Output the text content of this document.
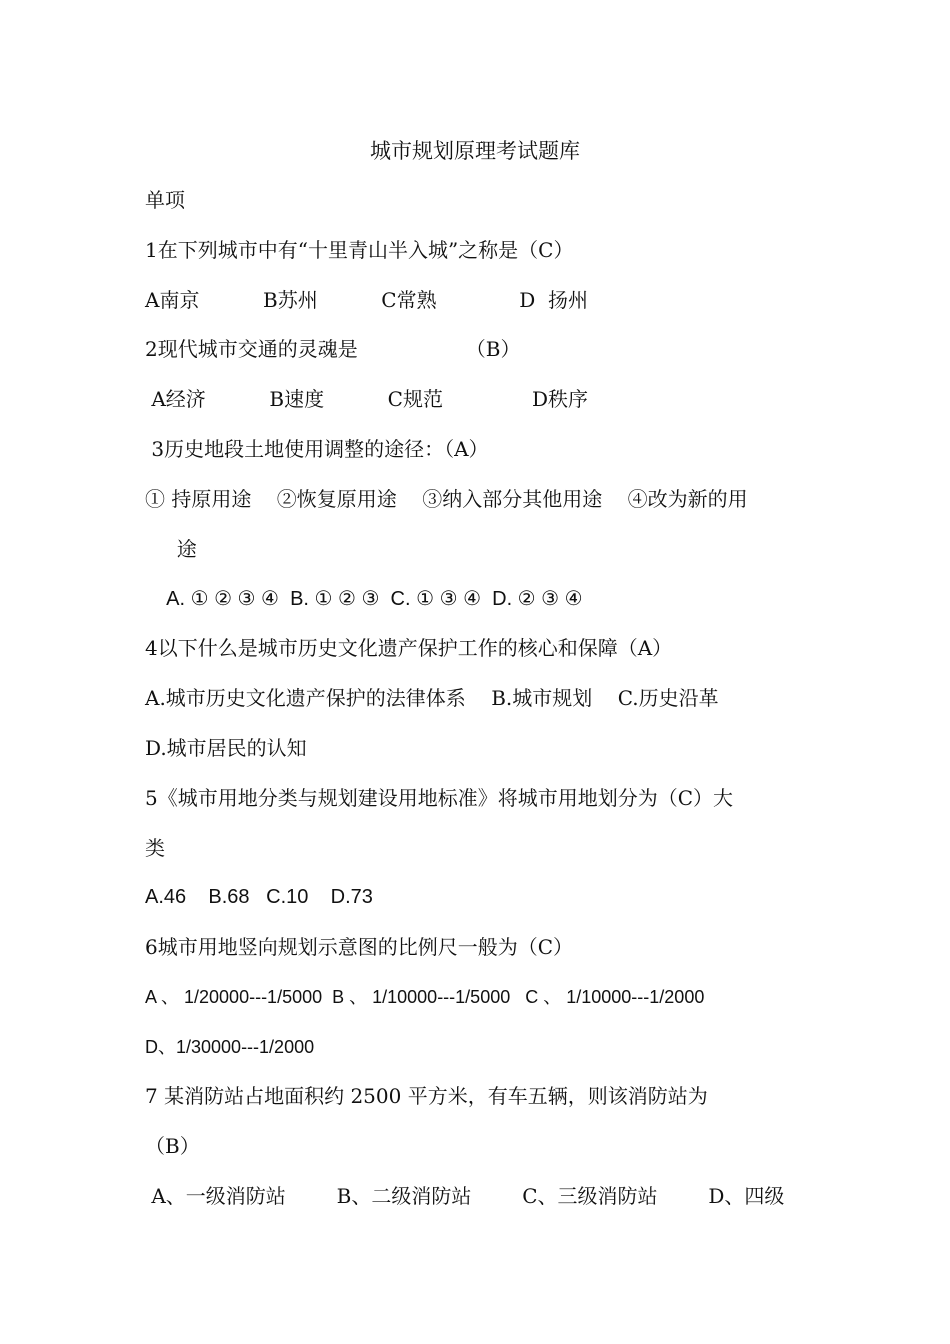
城市规划原理考试题库
单项
1在下列城市中有“十里青山半入城”之称是（C）
A南京          B苏州          C常熟             D  扬州
2现代城市交通的灵魂是                 （B）
A经济          B速度          C规范              D秩序
3历史地段土地使用调整的途径：（A）
① 持原用途    ②恢复原用途    ③纳入部分其他用途    ④改为新的用
途
A. ① ② ③ ④  B. ① ② ③  C. ① ③ ④  D. ② ③ ④
4以下什么是城市历史文化遗产保护工作的核心和保障（A）
A.城市历史文化遗产保护的法律体系    B.城市规划    C.历史沿革
D.城市居民的认知
5《城市用地分类与规划建设用地标准》将城市用地划分为（C）大
类
A.46    B.68   C.10    D.73
6城市用地竖向规划示意图的比例尺一般为（C）
A 、 1/20000---1/5000  B 、 1/10000---1/5000   C 、 1/10000---1/2000
D、1/30000---1/2000
7 某消防站占地面积约 2500 平方米，有车五辆，则该消防站为
（B）
A、一级消防站        B、二级消防站        C、三级消防站        D、四级
